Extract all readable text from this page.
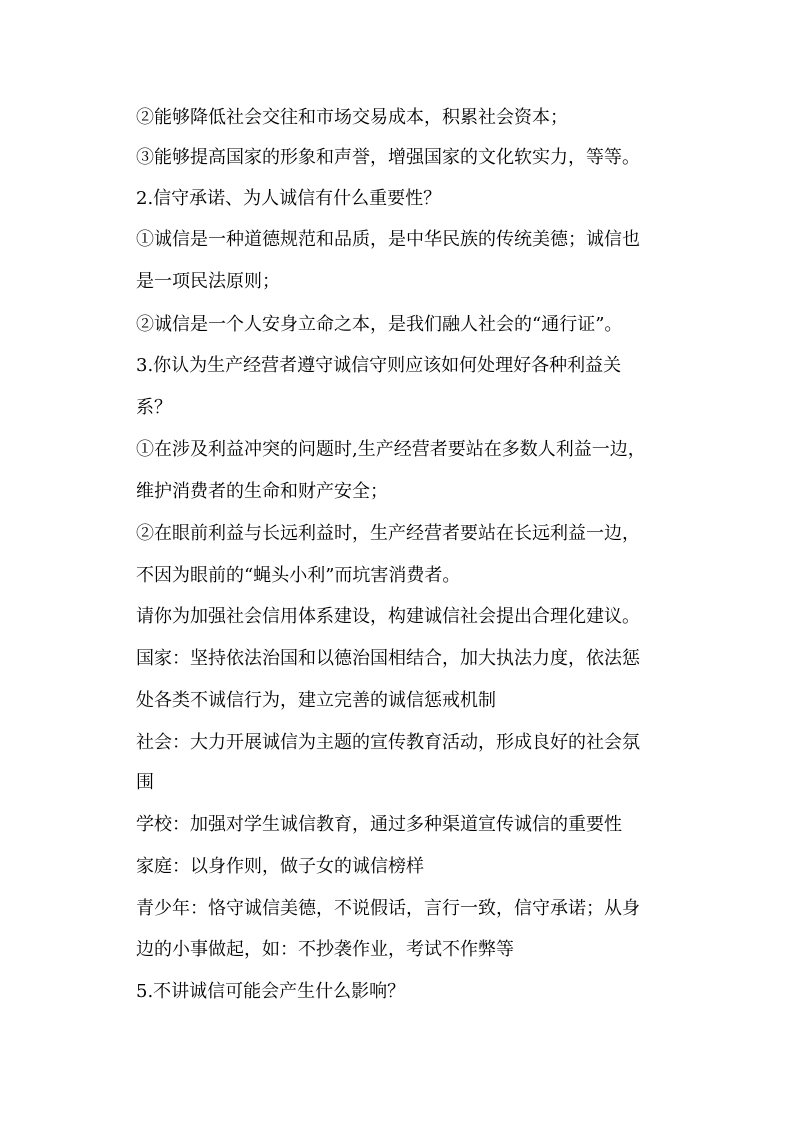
②能够降低社会交往和市场交易成本，积累社会资本；

③能够提高国家的形象和声誉，增强国家的文化软实力，等等。

2.信守承诺、为人诚信有什么重要性？

①诚信是一种道德规范和品质，是中华民族的传统美德；诚信也

是一项民法原则；

②诚信是一个人安身立命之本，是我们融人社会的“通行证”。

3.你认为生产经营者遵守诚信守则应该如何处理好各种利益关

系？

①在涉及利益冲突的问题时,生产经营者要站在多数人利益一边，

维护消费者的生命和财产安全；

②在眼前利益与长远利益时，生产经营者要站在长远利益一边，

不因为眼前的“蝇头小利”而坑害消费者。

请你为加强社会信用体系建设，构建诚信社会提出合理化建议。

国家：坚持依法治国和以德治国相结合，加大执法力度，依法惩

处各类不诚信行为，建立完善的诚信惩戒机制

社会：大力开展诚信为主题的宣传教育活动，形成良好的社会氛

围

学校：加强对学生诚信教育，通过多种渠道宣传诚信的重要性

家庭：以身作则，做子女的诚信榜样

青少年：恪守诚信美德，不说假话，言行一致，信守承诺；从身

边的小事做起，如：不抄袭作业，考试不作弊等

5.不讲诚信可能会产生什么影响？
